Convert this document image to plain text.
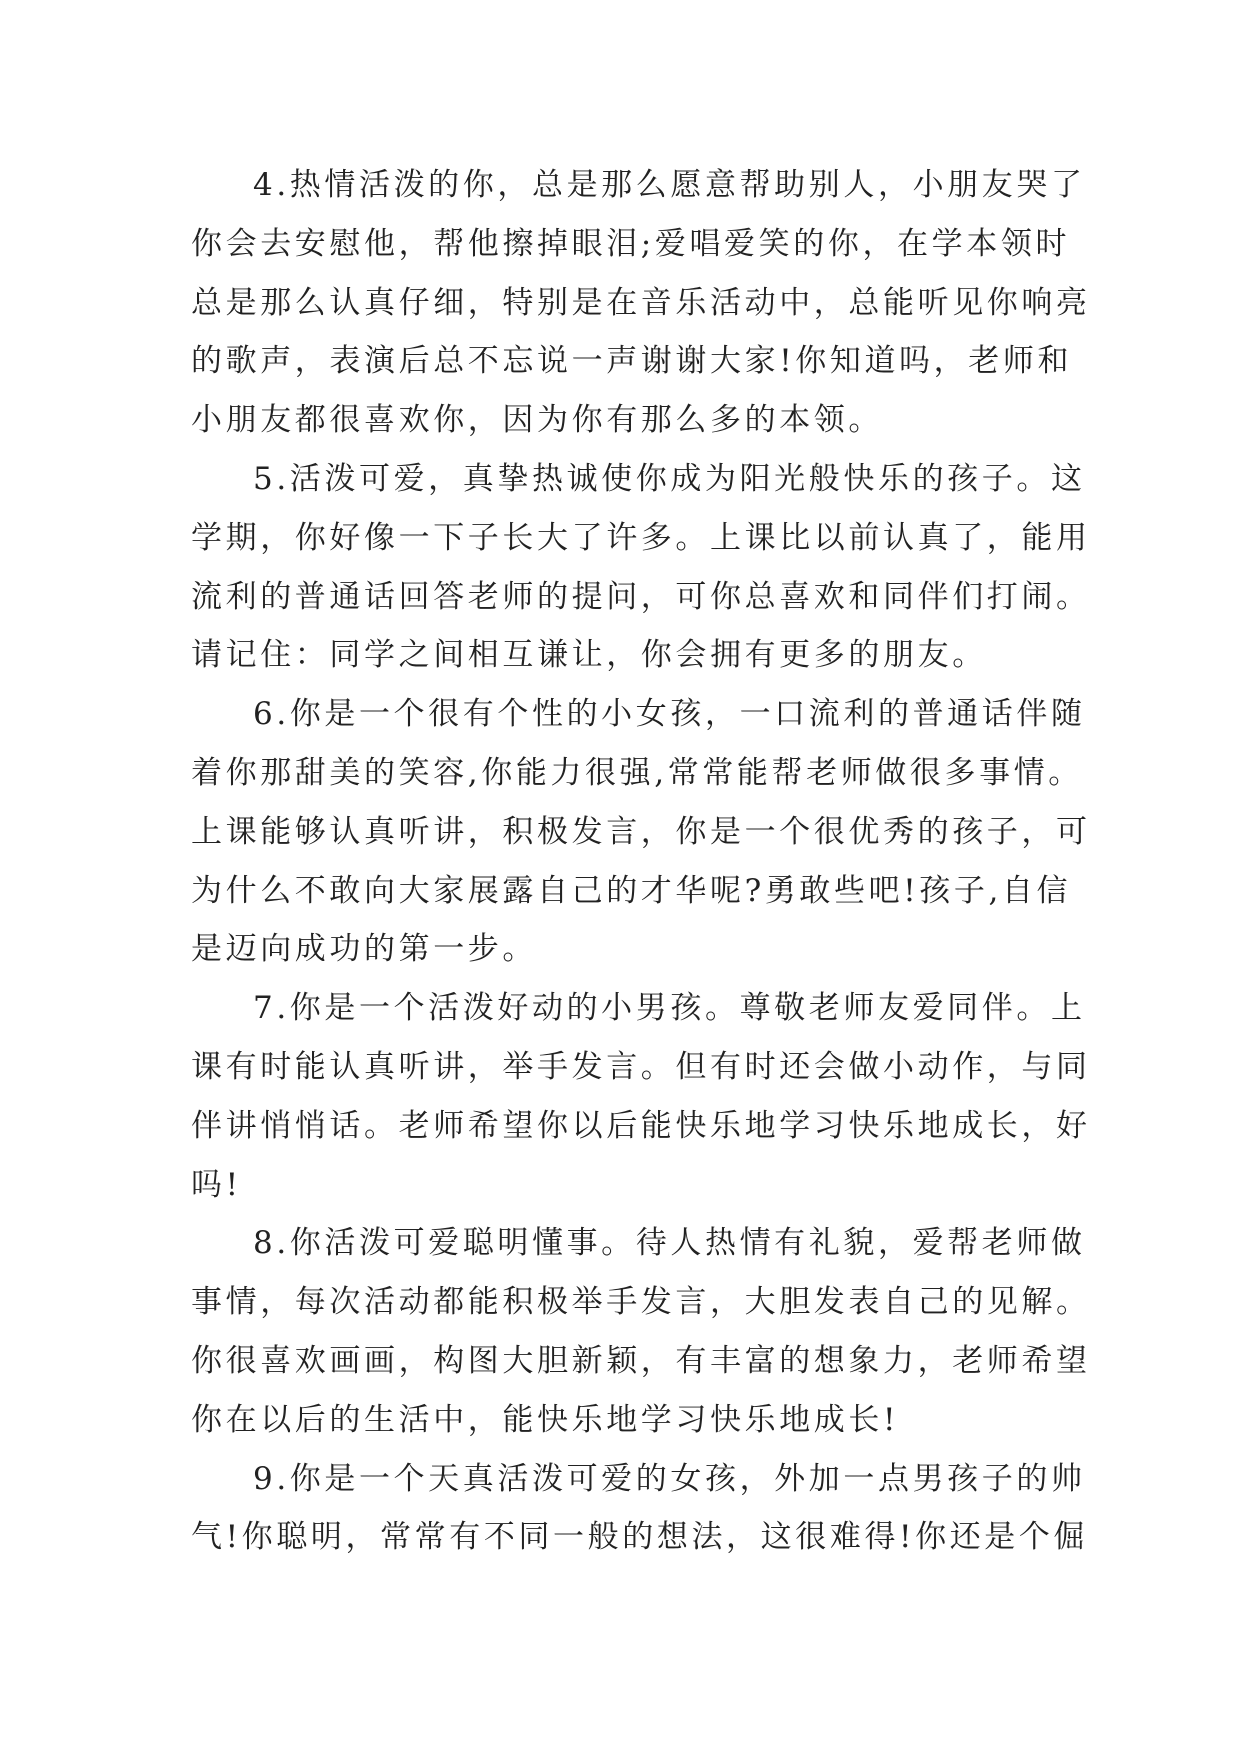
4.热情活泼的你，总是那么愿意帮助别人，小朋友哭了
你会去安慰他，帮他擦掉眼泪;爱唱爱笑的你，在学本领时
总是那么认真仔细，特别是在音乐活动中，总能听见你响亮
的歌声，表演后总不忘说一声谢谢大家!你知道吗，老师和
小朋友都很喜欢你，因为你有那么多的本领。
5.活泼可爱，真挚热诚使你成为阳光般快乐的孩子。这
学期，你好像一下子长大了许多。上课比以前认真了，能用
流利的普通话回答老师的提问，可你总喜欢和同伴们打闹。
请记住：同学之间相互谦让，你会拥有更多的朋友。
6.你是一个很有个性的小女孩，一口流利的普通话伴随
着你那甜美的笑容,你能力很强,常常能帮老师做很多事情。
上课能够认真听讲，积极发言，你是一个很优秀的孩子，可
为什么不敢向大家展露自己的才华呢?勇敢些吧!孩子,自信
是迈向成功的第一步。
7.你是一个活泼好动的小男孩。尊敬老师友爱同伴。上
课有时能认真听讲，举手发言。但有时还会做小动作，与同
伴讲悄悄话。老师希望你以后能快乐地学习快乐地成长，好
吗!
8.你活泼可爱聪明懂事。待人热情有礼貌，爱帮老师做
事情，每次活动都能积极举手发言，大胆发表自己的见解。
你很喜欢画画，构图大胆新颖，有丰富的想象力，老师希望
你在以后的生活中，能快乐地学习快乐地成长!
9.你是一个天真活泼可爱的女孩，外加一点男孩子的帅
气!你聪明，常常有不同一般的想法，这很难得!你还是个倔
